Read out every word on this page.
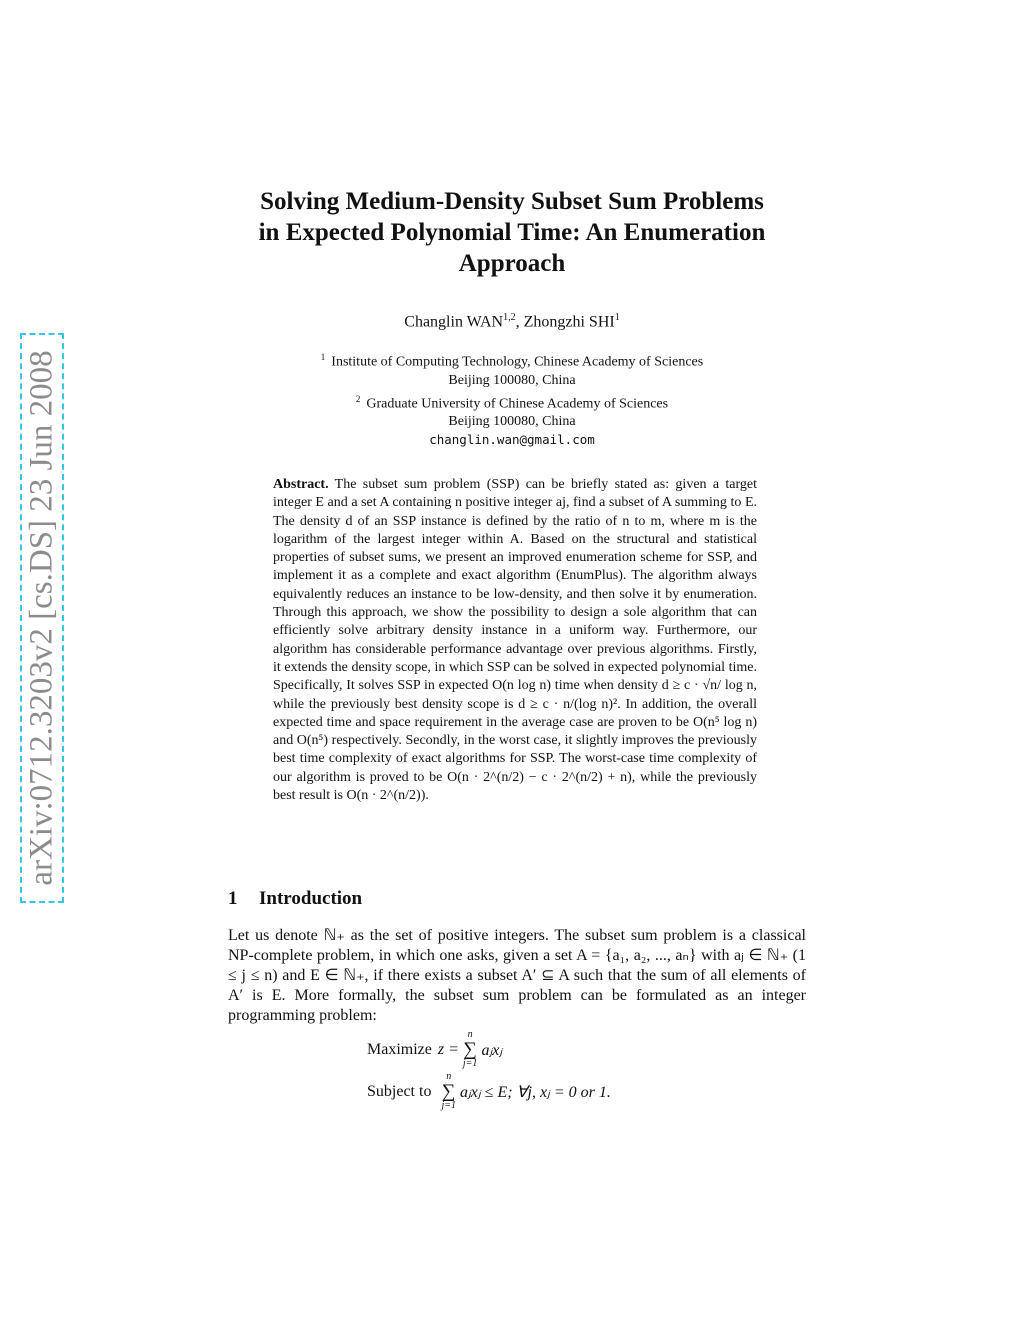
arXiv:0712.3203v2 [cs.DS] 23 Jun 2008
Solving Medium-Density Subset Sum Problems
in Expected Polynomial Time: An Enumeration
Approach
Changlin WAN$^{1,2}$, Zhongzhi SHI$^1$
$^1$ Institute of Computing Technology, Chinese Academy of Sciences
Beijing 100080, China
$^2$ Graduate University of Chinese Academy of Sciences
Beijing 100080, China
changlin.wan@gmail.com
Abstract. The subset sum problem (SSP) can be briefly stated as: given a target integer E and a set A containing n positive integer aj, find a subset of A summing to E. The density d of an SSP instance is defined by the ratio of n to m, where m is the logarithm of the largest integer within A. Based on the structural and statistical properties of subset sums, we present an improved enumeration scheme for SSP, and implement it as a complete and exact algorithm (EnumPlus). The algorithm always equivalently reduces an instance to be low-density, and then solve it by enumeration. Through this approach, we show the possibility to design a sole algorithm that can efficiently solve arbitrary density instance in a uniform way. Furthermore, our algorithm has considerable performance advantage over previous algorithms. Firstly, it extends the density scope, in which SSP can be solved in expected polynomial time. Specifically, It solves SSP in expected O(n log n) time when density d ≥ c · √n/ log n, while the previously best density scope is d ≥ c · n/(log n)². In addition, the overall expected time and space requirement in the average case are proven to be O(n⁵ log n) and O(n⁵) respectively. Secondly, in the worst case, it slightly improves the previously best time complexity of exact algorithms for SSP. The worst-case time complexity of our algorithm is proved to be O(n · 2^(n/2) − c · 2^(n/2) + n), while the previously best result is O(n · 2^(n/2)).
1 Introduction
Let us denote ℕ₊ as the set of positive integers. The subset sum problem is a classical NP-complete problem, in which one asks, given a set A = {a₁, a₂, ..., aₙ} with aⱼ ∈ ℕ₊ (1 ≤ j ≤ n) and E ∈ ℕ₊, if there exists a subset A′ ⊆ A such that the sum of all elements of A′ is E. More formally, the subset sum problem can be formulated as an integer programming problem:
Maximize z =
n
∑
j=1
aⱼxⱼ
Subject to
n
∑
j=1
aⱼxⱼ ≤ E; ∀j, xⱼ = 0 or 1.
